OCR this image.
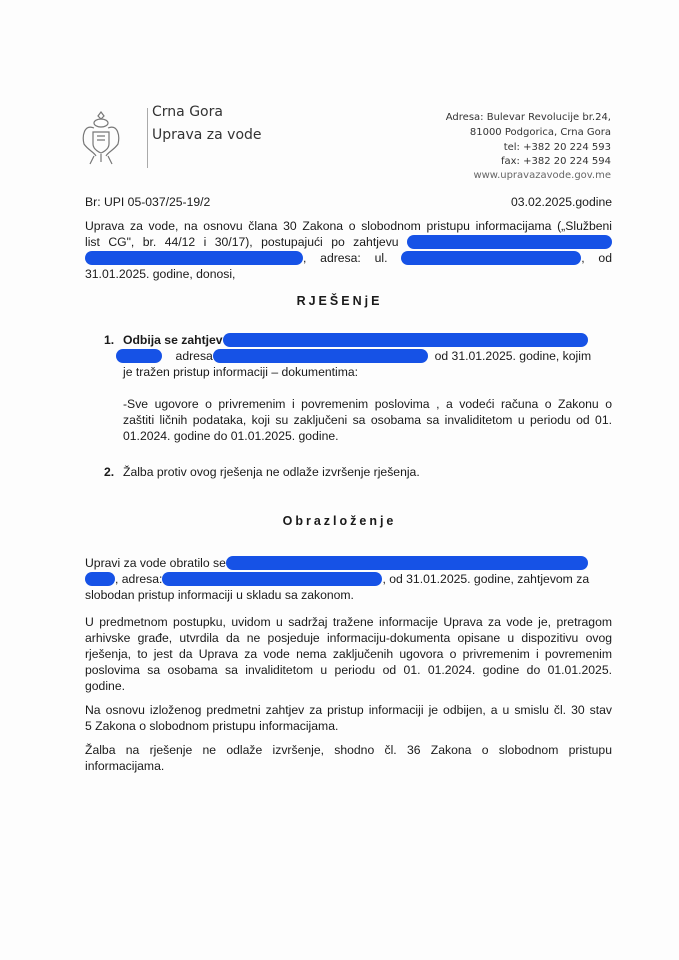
Crna Gora
Uprava za vode
Adresa: Bulevar Revolucije br.24,
81000 Podgorica, Crna Gora
tel: +382 20 224 593
fax: +382 20 224 594
www.upravazavode.gov.me
Br: UPI 05-037/25-19/2	03.02.2025.godine
Uprava za vode, na osnovu člana 30 Zakona o slobodnom pristupu informacijama („Službeni
list CG", br. 44/12 i 30/17), postupajući po zahtjevu
, adresa: ul.	, od
31.01.2025. godine, donosi,
RJEŠENjE
1. Odbija se zahtjev
adresa	od 31.01.2025. godine, kojim
je tražen pristup informaciji – dokumentima:
-Sve ugovore o privremenim i povremenim poslovima , a vodeći računa o Zakonu o
zaštiti ličnih podataka, koji su zaključeni sa osobama sa invaliditetom u periodu od 01.
01.2024. godine do 01.01.2025. godine.
2. Žalba protiv ovog rješenja ne odlaže izvršenje rješenja.
Obrazloženje
Upravi za vode obratilo se
, adresa:	, od 31.01.2025. godine, zahtjevom za
slobodan pristup informaciji u skladu sa zakonom.
U predmetnom postupku, uvidom u sadržaj tražene informacije Uprava za vode je, pretragom
arhivske građe, utvrdila da ne posjeduje informaciju-dokumenta opisane u dispozitivu ovog
rješenja, to jest da Uprava za vode nema zaključenih ugovora o privremenim i povremenim
poslovima sa osobama sa invaliditetom u periodu od 01. 01.2024. godine do 01.01.2025.
godine.
Na osnovu izloženog predmetni zahtjev za pristup informaciji je odbijen, a u smislu čl. 30 stav
5 Zakona o slobodnom pristupu informacijama.
Žalba na rješenje ne odlaže izvršenje, shodno čl. 36 Zakona o slobodnom pristupu
informacijama.
